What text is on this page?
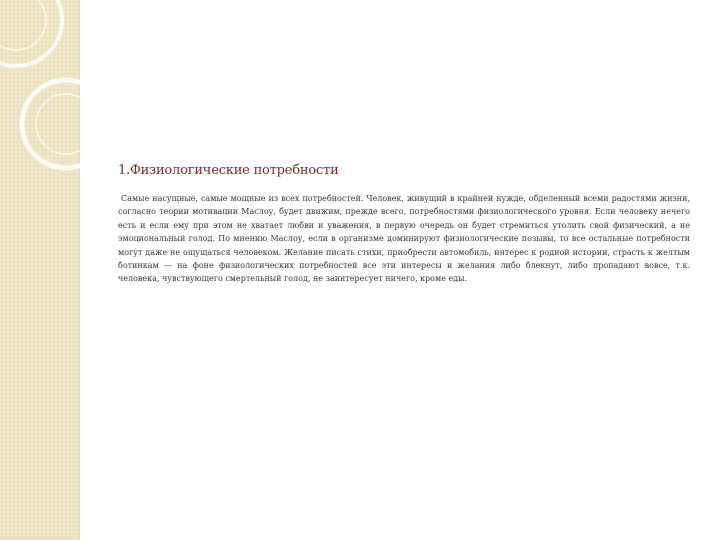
1.Физиологические потребности

Самые насущные, самые мощные из всех потребностей. Человек, живущий в крайней нужде, обделенный всеми радостями жизни, согласно теории мотивации Маслоу, будет движим, прежде всего, потребностями физиологического уровня. Если человеку нечего есть и если ему при этом не хватает любви и уважения, в первую очередь он будет стремиться утолить свой физический, а не эмоциональный голод. По мнению Маслоу, если в организме доминируют физиологические позывы, то все остальные потребности могут даже не ощущаться человеком. Желание писать стихи, приобрести автомобиль, интерес к родной истории, страсть к желтым ботинкам — на фоне физиологических потребностей все эти интересы и желания либо блекнут, либо пропадают вовсе, т.к. человека, чувствующего смертельный голод, не заинтересует ничего, кроме еды.
